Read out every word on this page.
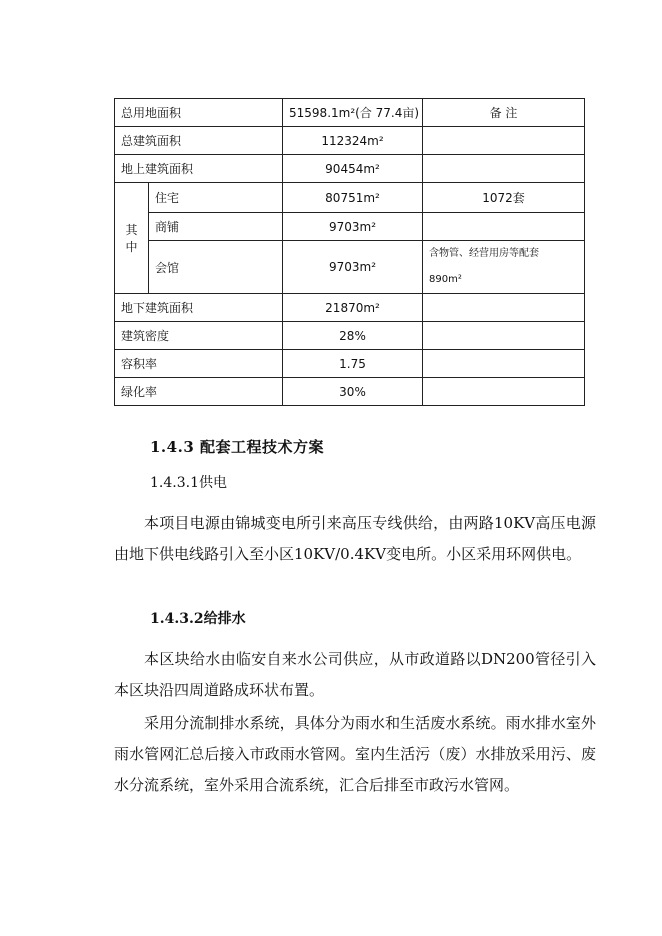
总用地面积		51598.1m²(合 77.4亩)	备 注
总建筑面积		112324m²	
地上建筑面积		90454m²	

其
中	住宅	80751m²	1072套
	商铺	9703m²	
	会馆	9703m²	含物管、经营用房等配套
890m²

地下建筑面积		21870m²	
建筑密度		28%	
容积率		1.75	
绿化率		30%	
1.4.3 配套工程技术方案
1.4.3.1供电

本项目电源由锦城变电所引来高压专线供给，由两路10KV高压电源由地下供电线路引入至小区10KV/0.4KV变电所。小区采用环网供电。

1.4.3.2给排水

本区块给水由临安自来水公司供应，从市政道路以DN200管径引入本区块沿四周道路成环状布置。

采用分流制排水系统，具体分为雨水和生活废水系统。雨水排水室外雨水管网汇总后接入市政雨水管网。室内生活污（废）水排放采用污、废水分流系统，室外采用合流系统，汇合后排至市政污水管网。
